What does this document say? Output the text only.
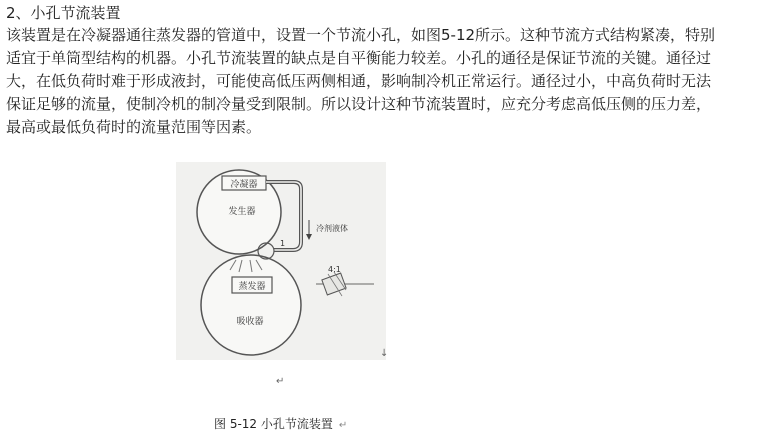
2、小孔节流装置
该装置是在冷凝器通往蒸发器的管道中，设置一个节流小孔，如图5-12所示。这种节流方式结构紧凑，特别
适宜于单筒型结构的机器。小孔节流装置的缺点是自平衡能力较差。小孔的通径是保证节流的关键。通径过
大，在低负荷时难于形成液封，可能使高低压两侧相通，影响制冷机正常运行。通径过小，中高负荷时无法
保证足够的流量，使制冷机的制冷量受到限制。所以设计这种节流装置时，应充分考虑高低压侧的压力差，
最高或最低负荷时的流量范围等因素。
冷凝器
发生器
蒸发器
吸收器
1
冷剂液体
4:1
↓
↵
图 5-12 小孔节流装置 ↵
